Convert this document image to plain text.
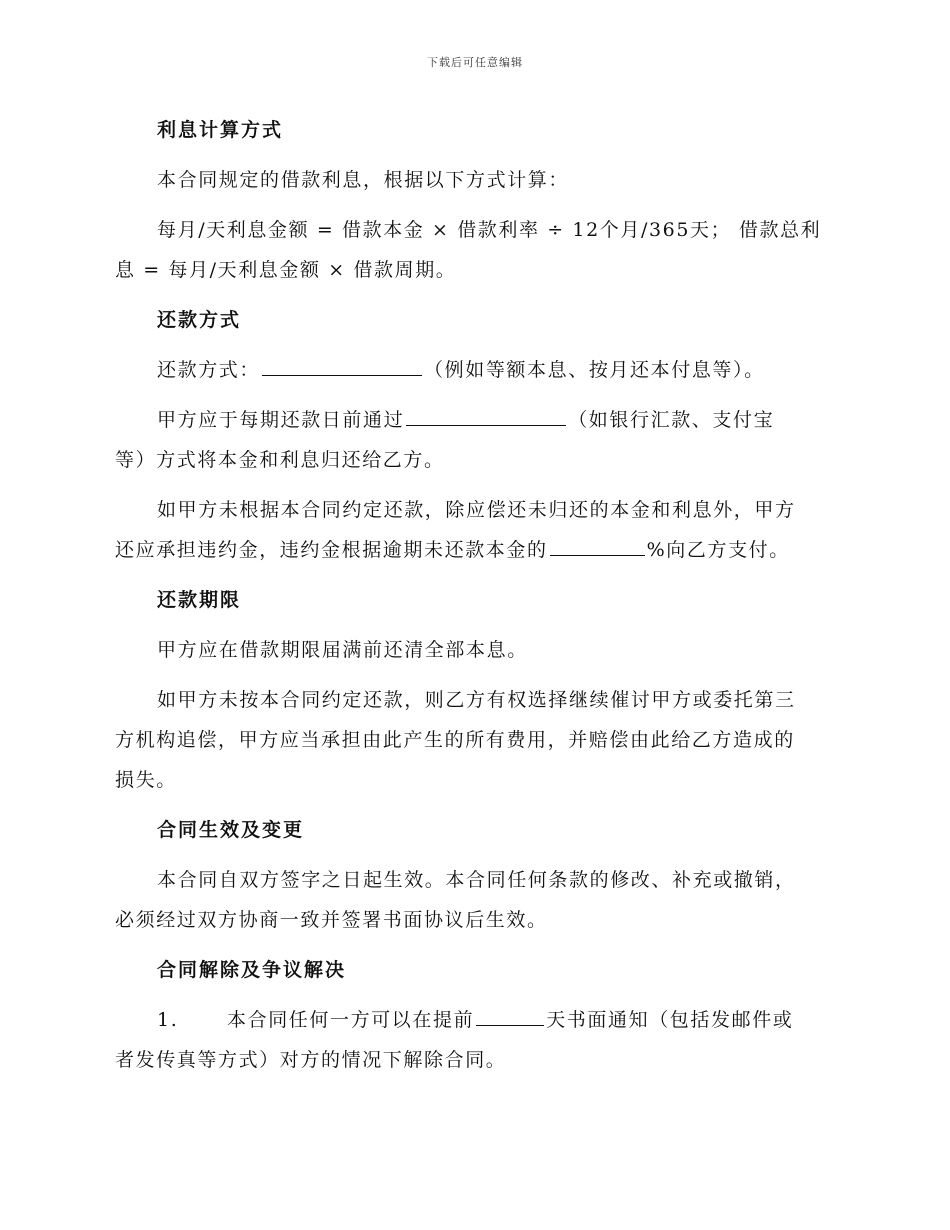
下载后可任意编辑

利息计算方式

本合同规定的借款利息，根据以下方式计算：

每月/天利息金额 = 借款本金 × 借款利率 ÷ 12个月/365天； 借款总利
息 = 每月/天利息金额 × 借款周期。

还款方式

还款方式：	（例如等额本息、按月还本付息等）。

甲方应于每期还款日前通过	（如银行汇款、支付宝
等）方式将本金和利息归还给乙方。

如甲方未根据本合同约定还款，除应偿还未归还的本金和利息外，甲方
还应承担违约金，违约金根据逾期未还款本金的	%向乙方支付。

还款期限

甲方应在借款期限届满前还清全部本息。

如甲方未按本合同约定还款，则乙方有权选择继续催讨甲方或委托第三
方机构追偿，甲方应当承担由此产生的所有费用，并赔偿由此给乙方造成的
损失。

合同生效及变更

本合同自双方签字之日起生效。本合同任何条款的修改、补充或撤销，
必须经过双方协商一致并签署书面协议后生效。

合同解除及争议解决

1.	本合同任何一方可以在提前	天书面通知（包括发邮件或
者发传真等方式）对方的情况下解除合同。
